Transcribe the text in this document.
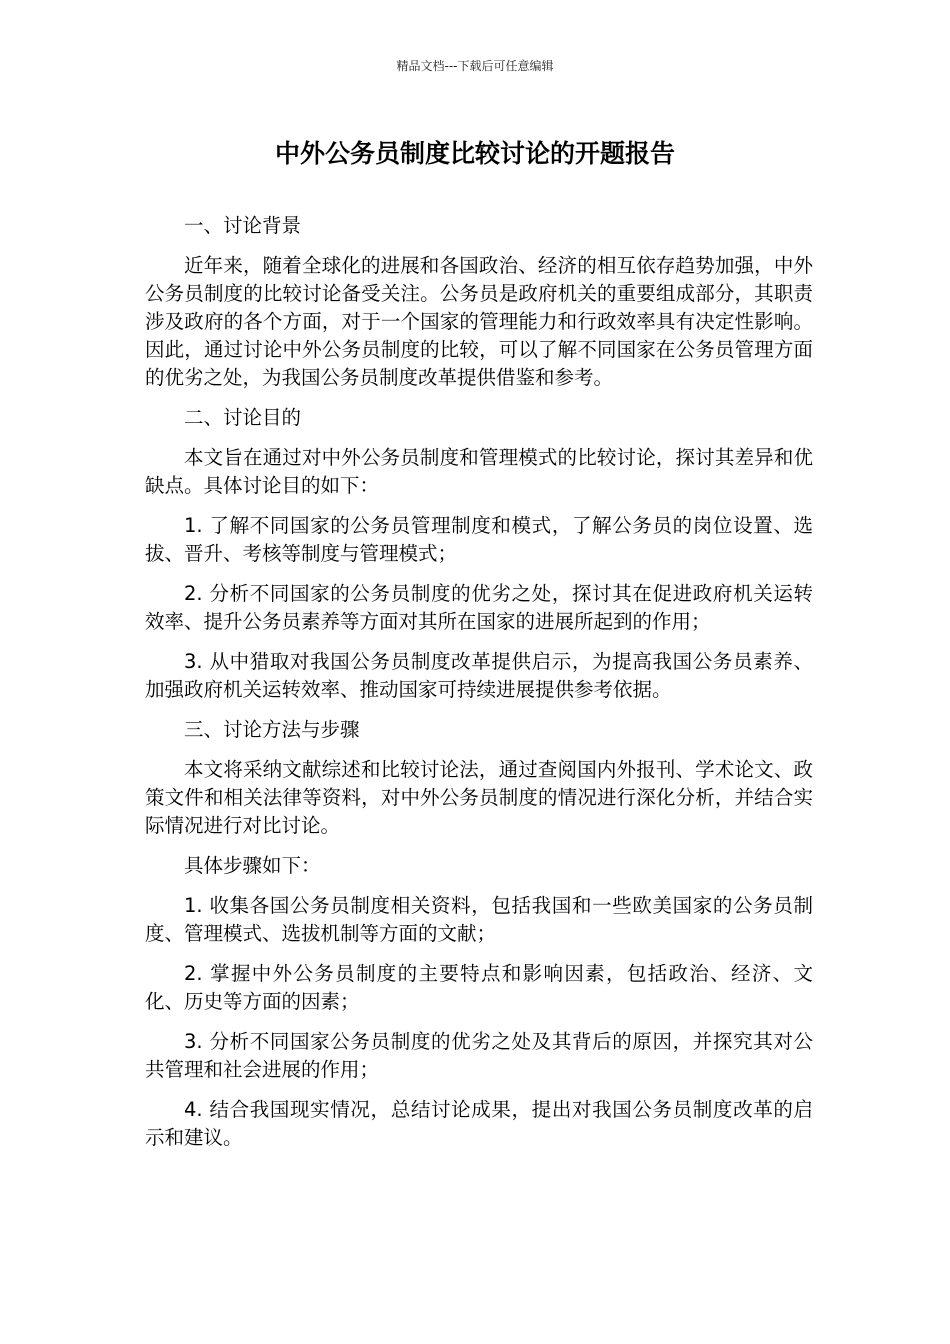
精品文档---下载后可任意编辑
中外公务员制度比较讨论的开题报告

一、讨论背景

近年来，随着全球化的进展和各国政治、经济的相互依存趋势加强，中外公务员制度的比较讨论备受关注。公务员是政府机关的重要组成部分，其职责涉及政府的各个方面，对于一个国家的管理能力和行政效率具有决定性影响。因此，通过讨论中外公务员制度的比较，可以了解不同国家在公务员管理方面的优劣之处，为我国公务员制度改革提供借鉴和参考。

二、讨论目的

本文旨在通过对中外公务员制度和管理模式的比较讨论，探讨其差异和优缺点。具体讨论目的如下：

1. 了解不同国家的公务员管理制度和模式，了解公务员的岗位设置、选拔、晋升、考核等制度与管理模式；

2. 分析不同国家的公务员制度的优劣之处，探讨其在促进政府机关运转效率、提升公务员素养等方面对其所在国家的进展所起到的作用；

3. 从中猎取对我国公务员制度改革提供启示，为提高我国公务员素养、加强政府机关运转效率、推动国家可持续进展提供参考依据。

三、讨论方法与步骤

本文将采纳文献综述和比较讨论法，通过查阅国内外报刊、学术论文、政策文件和相关法律等资料，对中外公务员制度的情况进行深化分析，并结合实际情况进行对比讨论。

具体步骤如下：

1. 收集各国公务员制度相关资料，包括我国和一些欧美国家的公务员制度、管理模式、选拔机制等方面的文献；

2. 掌握中外公务员制度的主要特点和影响因素，包括政治、经济、文化、历史等方面的因素；

3. 分析不同国家公务员制度的优劣之处及其背后的原因，并探究其对公共管理和社会进展的作用；

4. 结合我国现实情况，总结讨论成果，提出对我国公务员制度改革的启示和建议。
